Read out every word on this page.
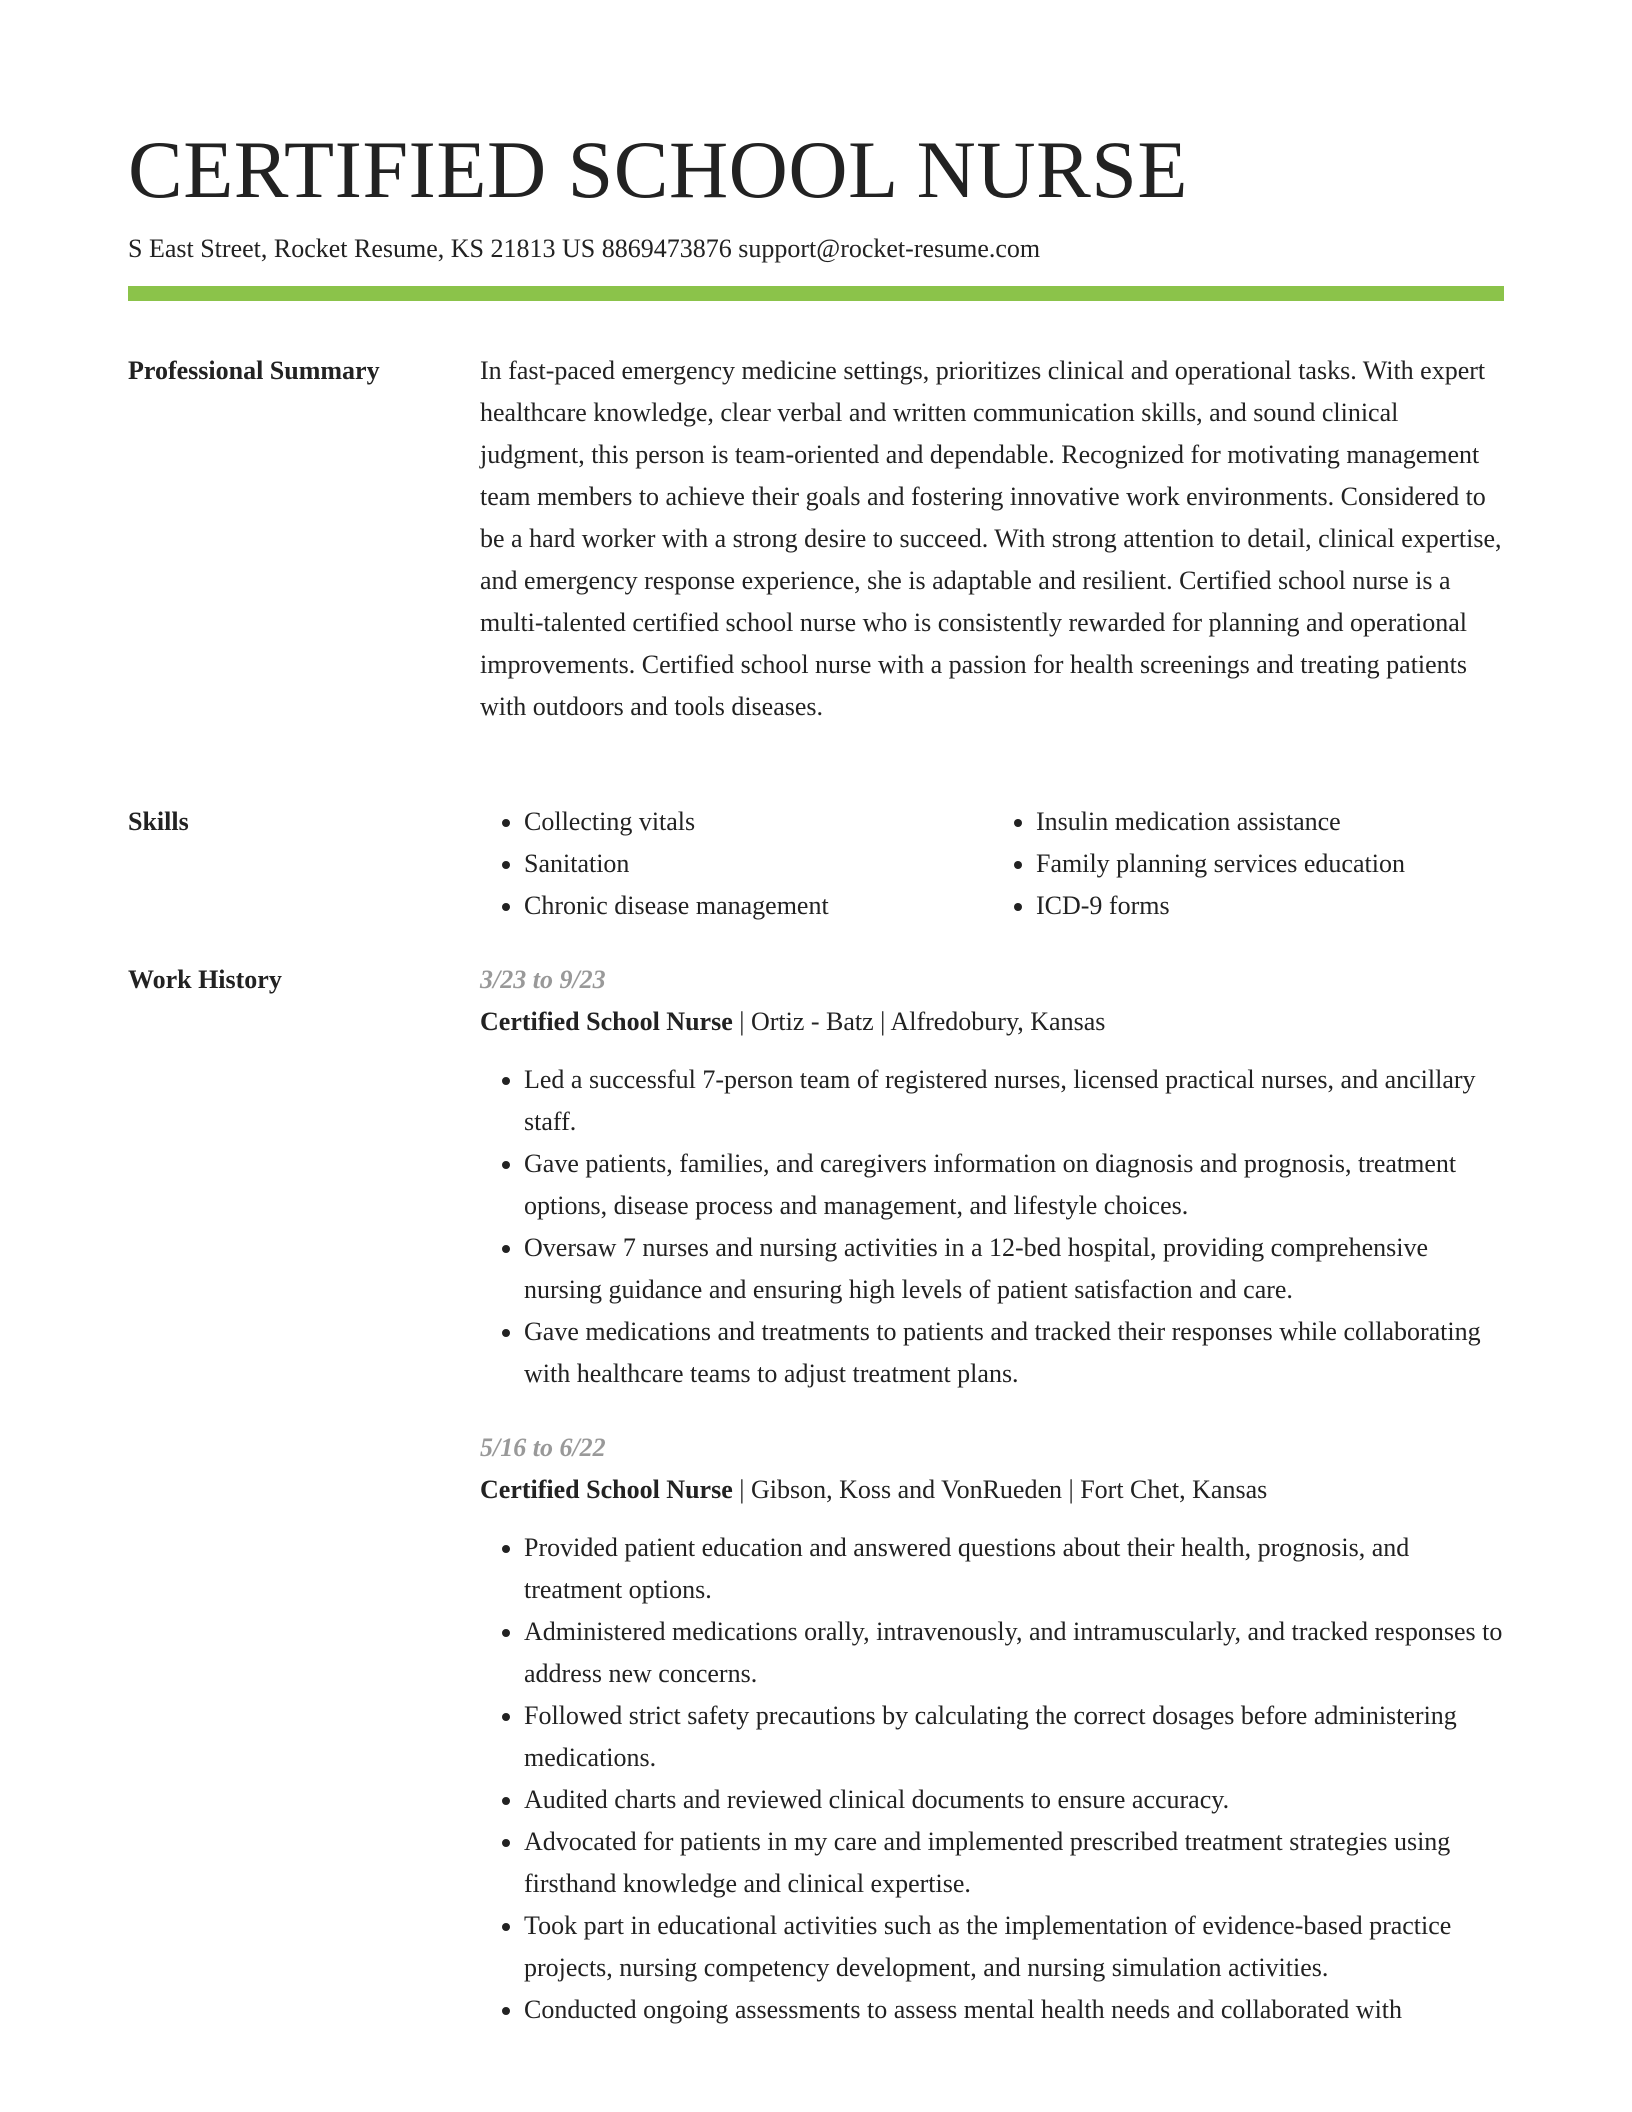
CERTIFIED SCHOOL NURSE
S East Street, Rocket Resume, KS 21813 US 8869473876 support@rocket-resume.com
Professional Summary	In fast-paced emergency medicine settings, prioritizes clinical and operational tasks. With expert healthcare knowledge, clear verbal and written communication skills, and sound clinical judgment, this person is team-oriented and dependable. Recognized for motivating management team members to achieve their goals and fostering innovative work environments. Considered to be a hard worker with a strong desire to succeed. With strong attention to detail, clinical expertise, and emergency response experience, she is adaptable and resilient. Certified school nurse is a multi-talented certified school nurse who is consistently rewarded for planning and operational improvements. Certified school nurse with a passion for health screenings and treating patients with outdoors and tools diseases.

Skills
•	Collecting vitals
• Sanitation
• Chronic disease management
• Insulin medication assistance
• Family planning services education
• ICD-9 forms
Work History	3/23 to 9/23
Certified School Nurse | Ortiz - Batz | Alfredobury, Kansas
• Led a successful 7-person team of registered nurses, licensed practical nurses, and ancillary staff.
• Gave patients, families, and caregivers information on diagnosis and prognosis, treatment options, disease process and management, and lifestyle choices.
• Oversaw 7 nurses and nursing activities in a 12-bed hospital, providing comprehensive nursing guidance and ensuring high levels of patient satisfaction and care.
• Gave medications and treatments to patients and tracked their responses while collaborating with healthcare teams to adjust treatment plans.
5/16 to 6/22
Certified School Nurse | Gibson, Koss and VonRueden | Fort Chet, Kansas
• Provided patient education and answered questions about their health, prognosis, and treatment options.
• Administered medications orally, intravenously, and intramuscularly, and tracked responses to address new concerns.
• Followed strict safety precautions by calculating the correct dosages before administering medications.
• Audited charts and reviewed clinical documents to ensure accuracy.
• Advocated for patients in my care and implemented prescribed treatment strategies using firsthand knowledge and clinical expertise.
• Took part in educational activities such as the implementation of evidence-based practice projects, nursing competency development, and nursing simulation activities.
• Conducted ongoing assessments to assess mental health needs and collaborated with
